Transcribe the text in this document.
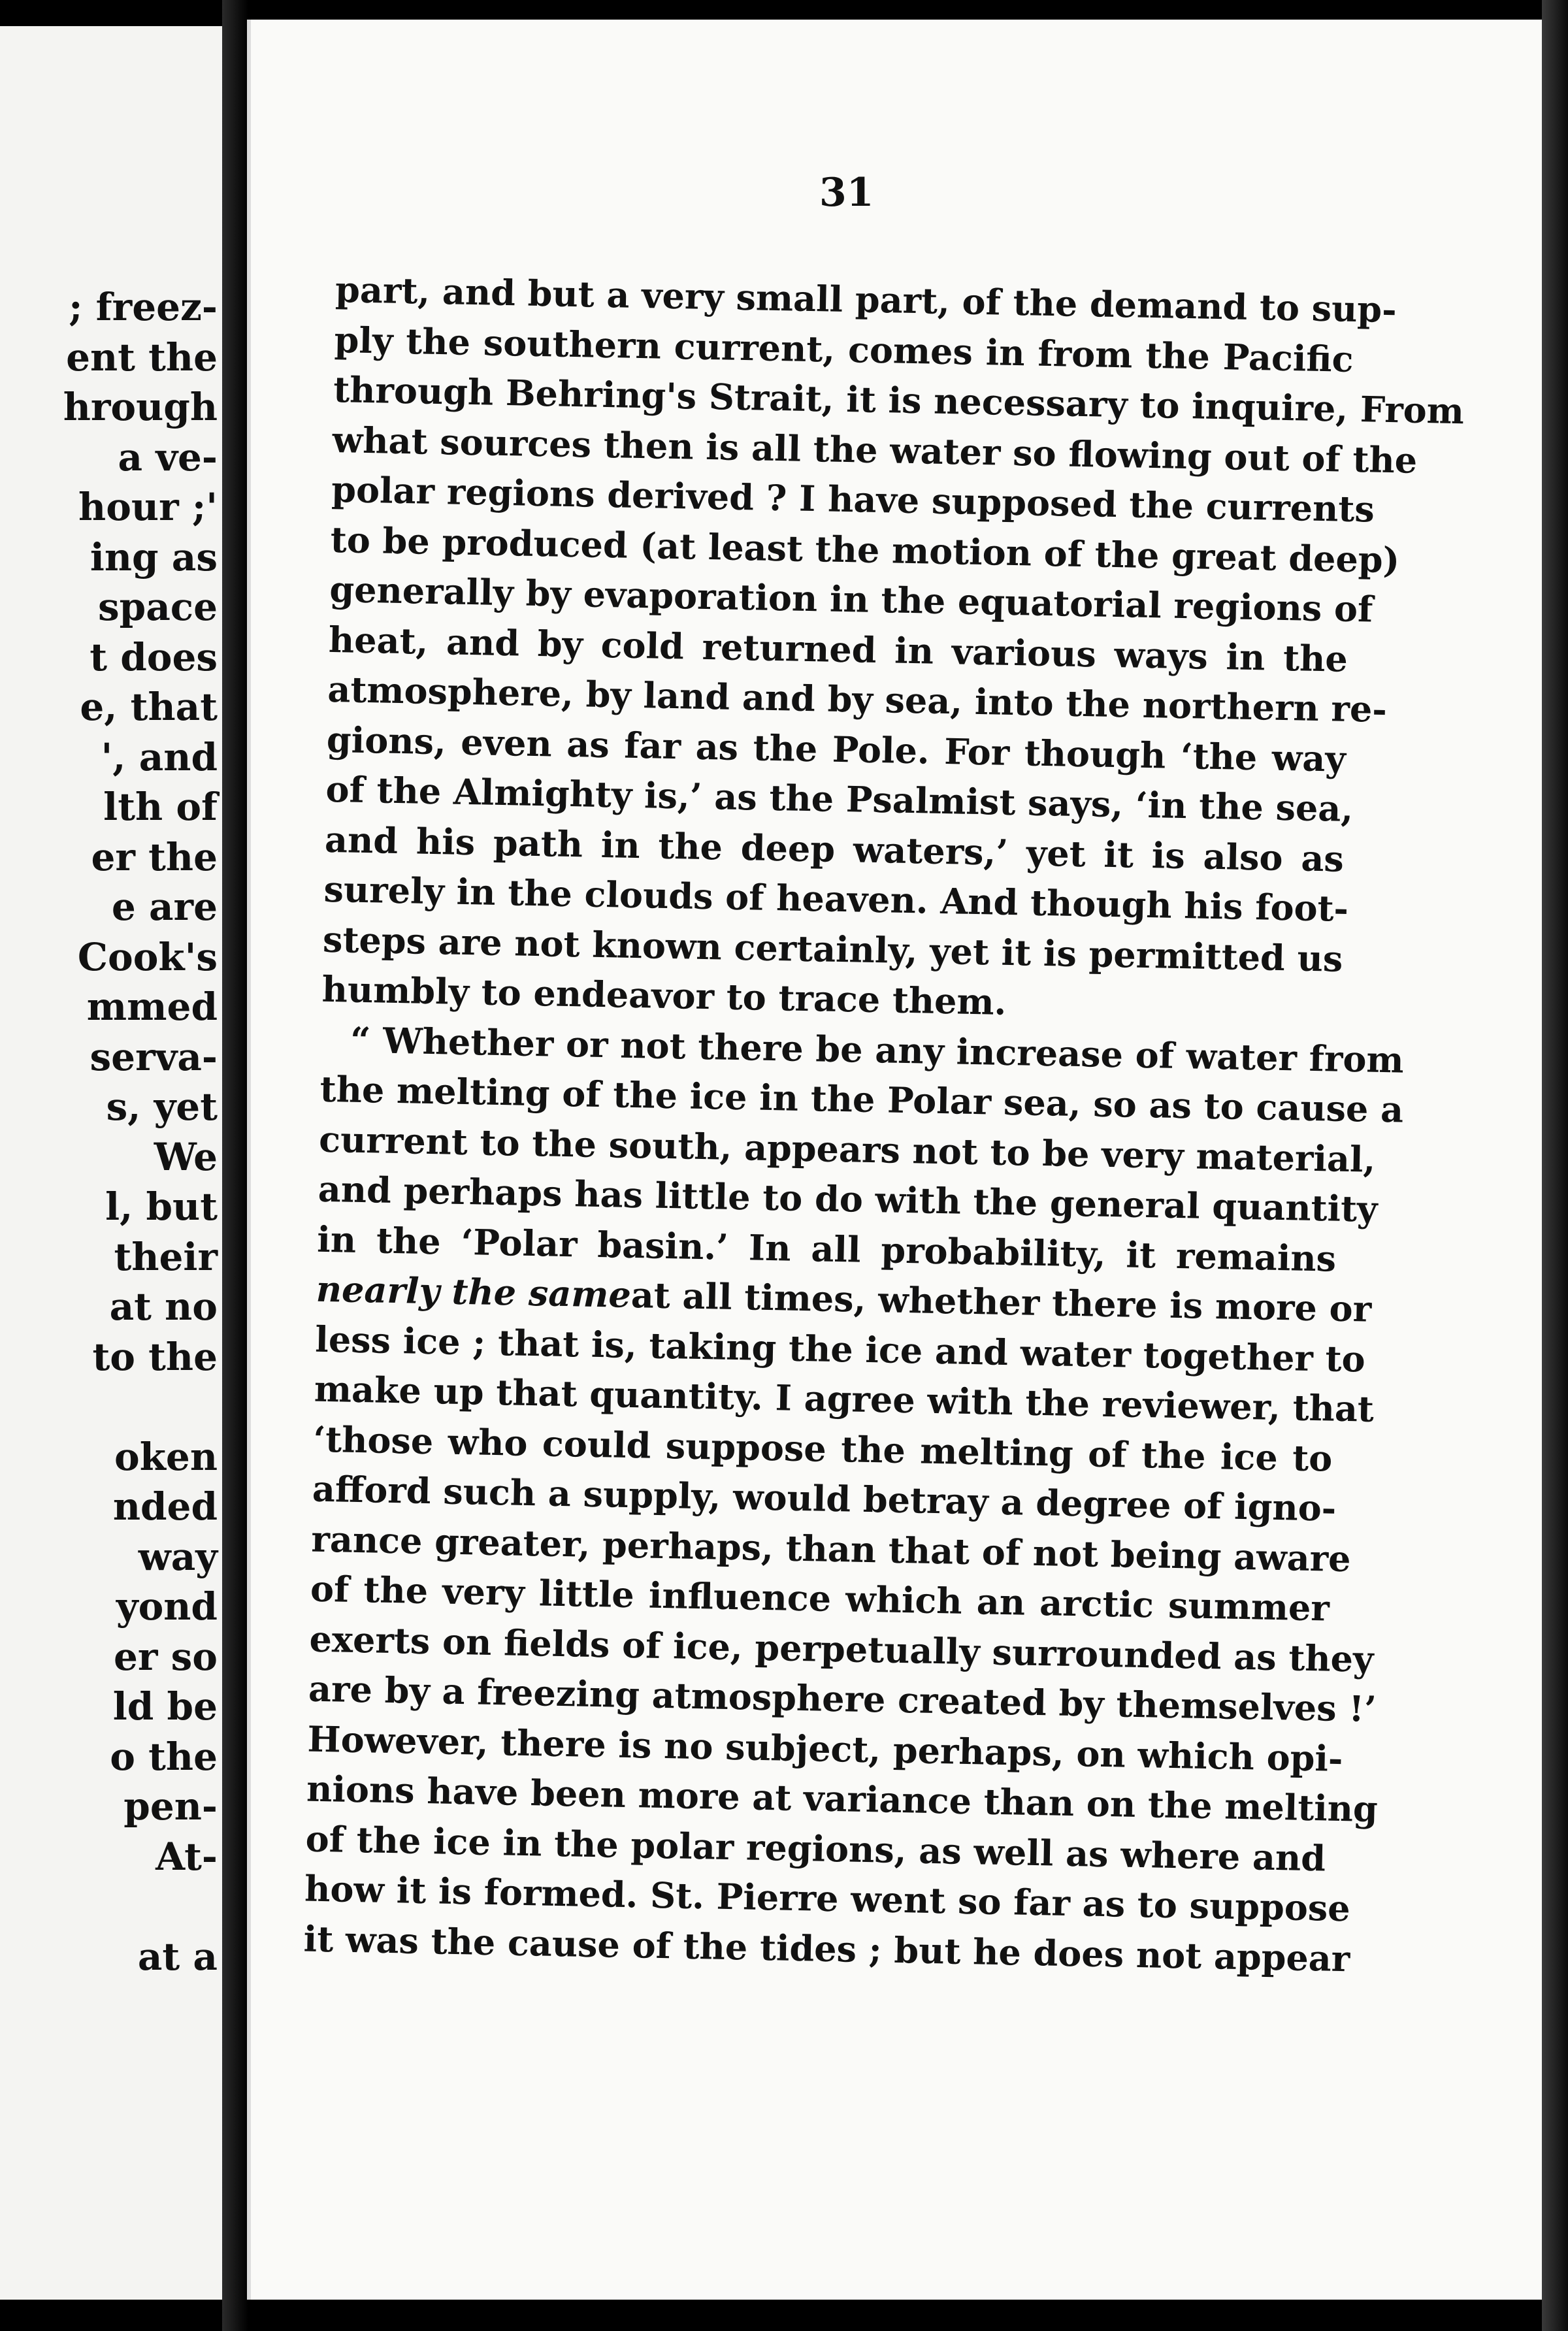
; freez-
ent the
hrough
a ve-
hour ;'
ing as
space
t does
e, that
', and
lth of
er the
e are
Cook's
mmed
serva-
s, yet
We
l, but
their
at no
to the

oken
nded
way
yond
er so
ld be
o the
pen-
At-

at a
31
part, and but a very small part, of the demand to sup-
ply the southern current, comes in from the Pacific
through Behring's Strait, it is necessary to inquire, From
what sources then is all the water so flowing out of the
polar regions derived ? I have supposed the currents
to be produced (at least the motion of the great deep)
generally by evaporation in the equatorial regions of
heat, and by cold returned in various ways in the
atmosphere, by land and by sea, into the northern re-
gions, even as far as the Pole. For though ‘the way
of the Almighty is,’ as the Psalmist says, ‘in the sea,
and his path in the deep waters,’ yet it is also as
surely in the clouds of heaven. And though his foot-
steps are not known certainly, yet it is permitted us
humbly to endeavor to trace them.
“ Whether or not there be any increase of water from
the melting of the ice in the Polar sea, so as to cause a
current to the south, appears not to be very material,
and perhaps has little to do with the general quantity
in the ‘Polar basin.’ In all probability, it remains
nearly the same
at all times, whether there is more or
less ice ; that is, taking the ice and water together to
make up that quantity. I agree with the reviewer, that
‘those who could suppose the melting of the ice to
afford such a supply, would betray a degree of igno-
rance greater, perhaps, than that of not being aware
of the very little influence which an arctic summer
exerts on fields of ice, perpetually surrounded as they
are by a freezing atmosphere created by themselves !’
However, there is no subject, perhaps, on which opi-
nions have been more at variance than on the melting
of the ice in the polar regions, as well as where and
how it is formed. St. Pierre went so far as to suppose
it was the cause of the tides ; but he does not appear
